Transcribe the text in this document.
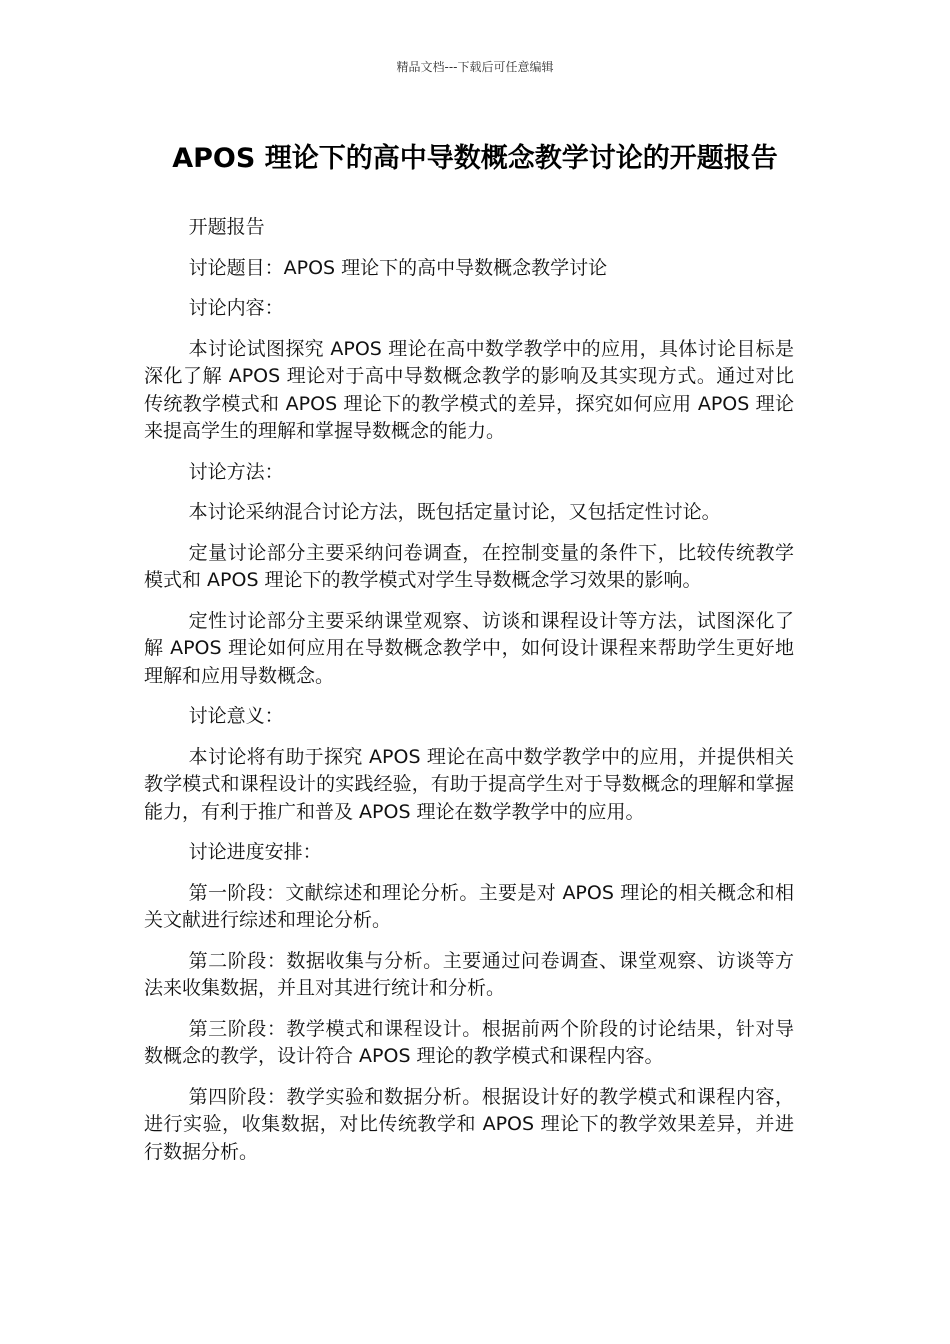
精品文档---下载后可任意编辑
APOS 理论下的高中导数概念教学讨论的开题报告

开题报告

讨论题目：APOS 理论下的高中导数概念教学讨论

讨论内容：

本讨论试图探究 APOS 理论在高中数学教学中的应用，具体讨论目标是深化了解 APOS 理论对于高中导数概念教学的影响及其实现方式。通过对比传统教学模式和 APOS 理论下的教学模式的差异，探究如何应用 APOS 理论来提高学生的理解和掌握导数概念的能力。

讨论方法：

本讨论采纳混合讨论方法，既包括定量讨论，又包括定性讨论。

定量讨论部分主要采纳问卷调查，在控制变量的条件下，比较传统教学模式和 APOS 理论下的教学模式对学生导数概念学习效果的影响。

定性讨论部分主要采纳课堂观察、访谈和课程设计等方法，试图深化了解 APOS 理论如何应用在导数概念教学中，如何设计课程来帮助学生更好地理解和应用导数概念。

讨论意义：

本讨论将有助于探究 APOS 理论在高中数学教学中的应用，并提供相关教学模式和课程设计的实践经验，有助于提高学生对于导数概念的理解和掌握能力，有利于推广和普及 APOS 理论在数学教学中的应用。

讨论进度安排：

第一阶段：文献综述和理论分析。主要是对 APOS 理论的相关概念和相关文献进行综述和理论分析。

第二阶段：数据收集与分析。主要通过问卷调查、课堂观察、访谈等方法来收集数据，并且对其进行统计和分析。

第三阶段：教学模式和课程设计。根据前两个阶段的讨论结果，针对导数概念的教学，设计符合 APOS 理论的教学模式和课程内容。

第四阶段：教学实验和数据分析。根据设计好的教学模式和课程内容，进行实验，收集数据，对比传统教学和 APOS 理论下的教学效果差异，并进行数据分析。
